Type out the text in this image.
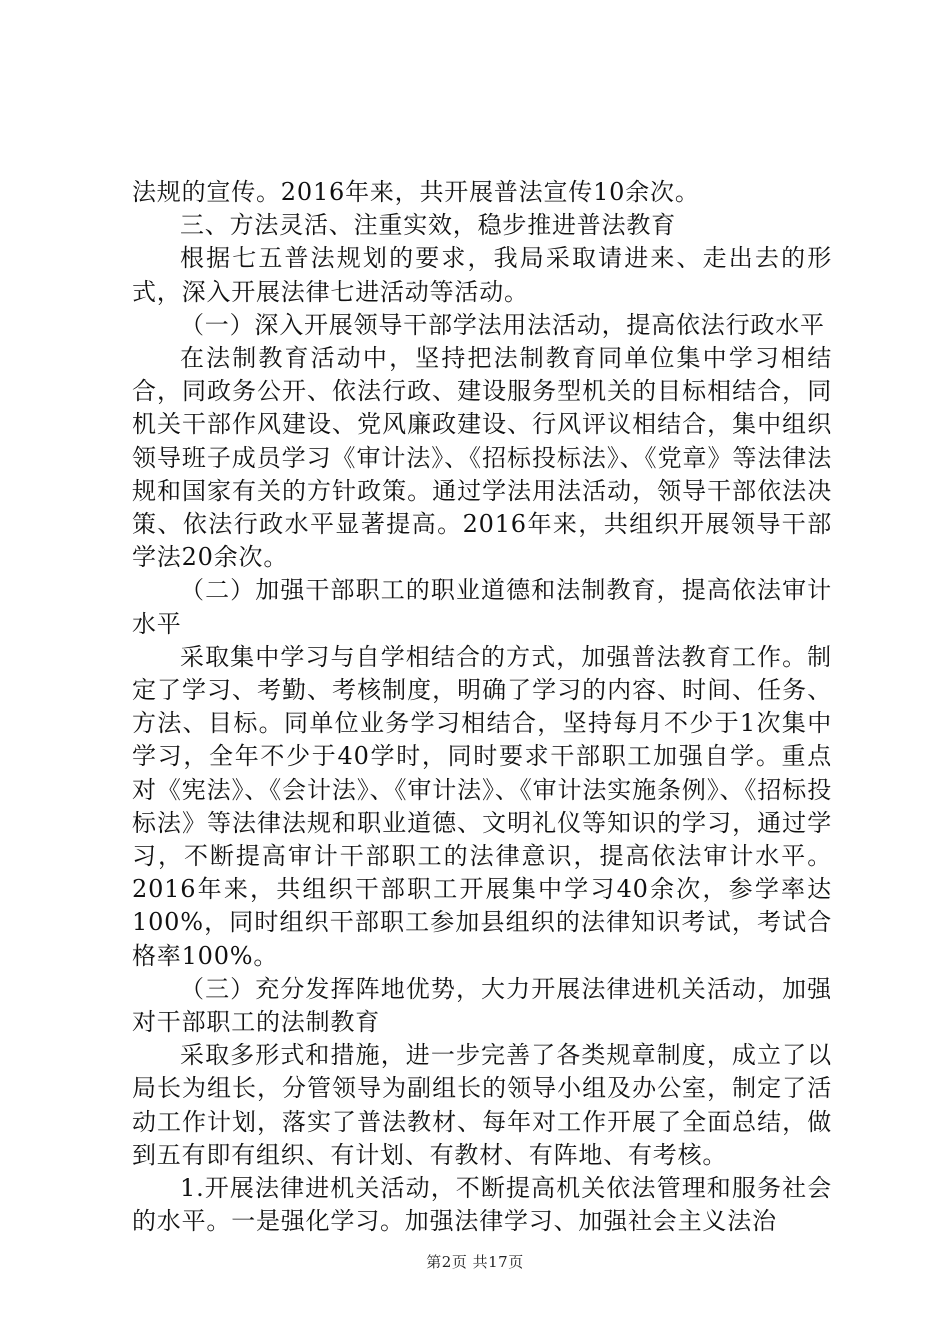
法规的宣传。2016年来，共开展普法宣传10余次。

三、方法灵活、注重实效，稳步推进普法教育

根据七五普法规划的要求，我局采取请进来、走出去的形式，深入开展法律七进活动等活动。

（一）深入开展领导干部学法用法活动，提高依法行政水平

在法制教育活动中，坚持把法制教育同单位集中学习相结合，同政务公开、依法行政、建设服务型机关的目标相结合，同机关干部作风建设、党风廉政建设、行风评议相结合，集中组织领导班子成员学习《审计法》、《招标投标法》、《党章》等法律法规和国家有关的方针政策。通过学法用法活动，领导干部依法决策、依法行政水平显著提高。2016年来，共组织开展领导干部学法20余次。

（二）加强干部职工的职业道德和法制教育，提高依法审计水平

采取集中学习与自学相结合的方式，加强普法教育工作。制定了学习、考勤、考核制度，明确了学习的内容、时间、任务、方法、目标。同单位业务学习相结合，坚持每月不少于1次集中学习，全年不少于40学时，同时要求干部职工加强自学。重点对《宪法》、《会计法》、《审计法》、《审计法实施条例》、《招标投标法》等法律法规和职业道德、文明礼仪等知识的学习，通过学习，不断提高审计干部职工的法律意识，提高依法审计水平。2016年来，共组织干部职工开展集中学习40余次，参学率达100%，同时组织干部职工参加县组织的法律知识考试，考试合格率100%。

（三）充分发挥阵地优势，大力开展法律进机关活动，加强对干部职工的法制教育

采取多形式和措施，进一步完善了各类规章制度，成立了以局长为组长，分管领导为副组长的领导小组及办公室，制定了活动工作计划，落实了普法教材、每年对工作开展了全面总结，做到五有即有组织、有计划、有教材、有阵地、有考核。

1.开展法律进机关活动，不断提高机关依法管理和服务社会的水平。一是强化学习。加强法律学习、加强社会主义法治

第2页 共17页
